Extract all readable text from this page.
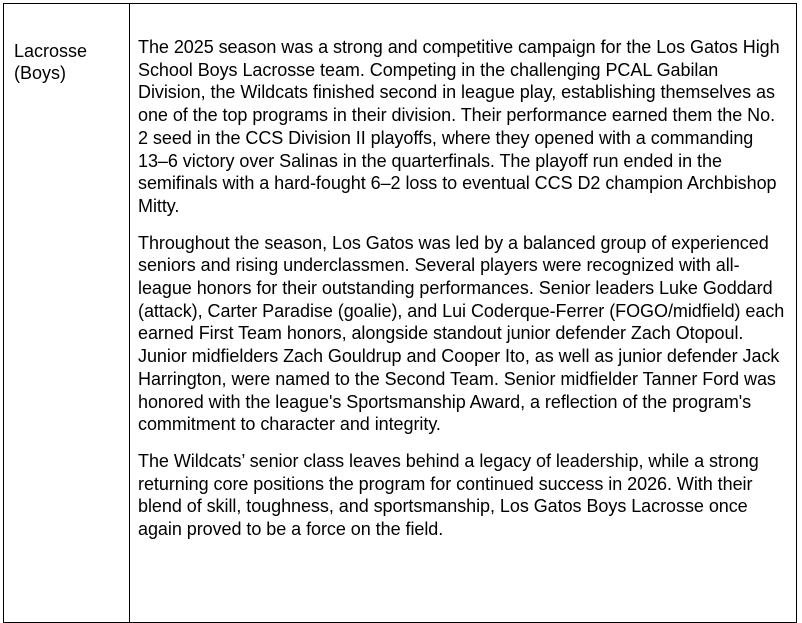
Lacrosse (Boys)	

The 2025 season was a strong and competitive campaign for the Los Gatos High School Boys Lacrosse team. Competing in the challenging PCAL Gabilan Division, the Wildcats finished second in league play, establishing themselves as one of the top programs in their division. Their performance earned them the No. 2 seed in the CCS Division II playoffs, where they opened with a commanding 13–6 victory over Salinas in the quarterfinals. The playoff run ended in the semifinals with a hard-fought 6–2 loss to eventual CCS D2 champion Archbishop Mitty.

Throughout the season, Los Gatos was led by a balanced group of experienced seniors and rising underclassmen. Several players were recognized with all-league honors for their outstanding performances. Senior leaders Luke Goddard (attack), Carter Paradise (goalie), and Lui Coderque-Ferrer (FOGO/midfield) each earned First Team honors, alongside standout junior defender Zach Otopoul. Junior midfielders Zach Gouldrup and Cooper Ito, as well as junior defender Jack Harrington, were named to the Second Team. Senior midfielder Tanner Ford was honored with the league's Sportsmanship Award, a reflection of the program's commitment to character and integrity.

The Wildcats’ senior class leaves behind a legacy of leadership, while a strong returning core positions the program for continued success in 2026. With their blend of skill, toughness, and sportsmanship, Los Gatos Boys Lacrosse once again proved to be a force on the field.
